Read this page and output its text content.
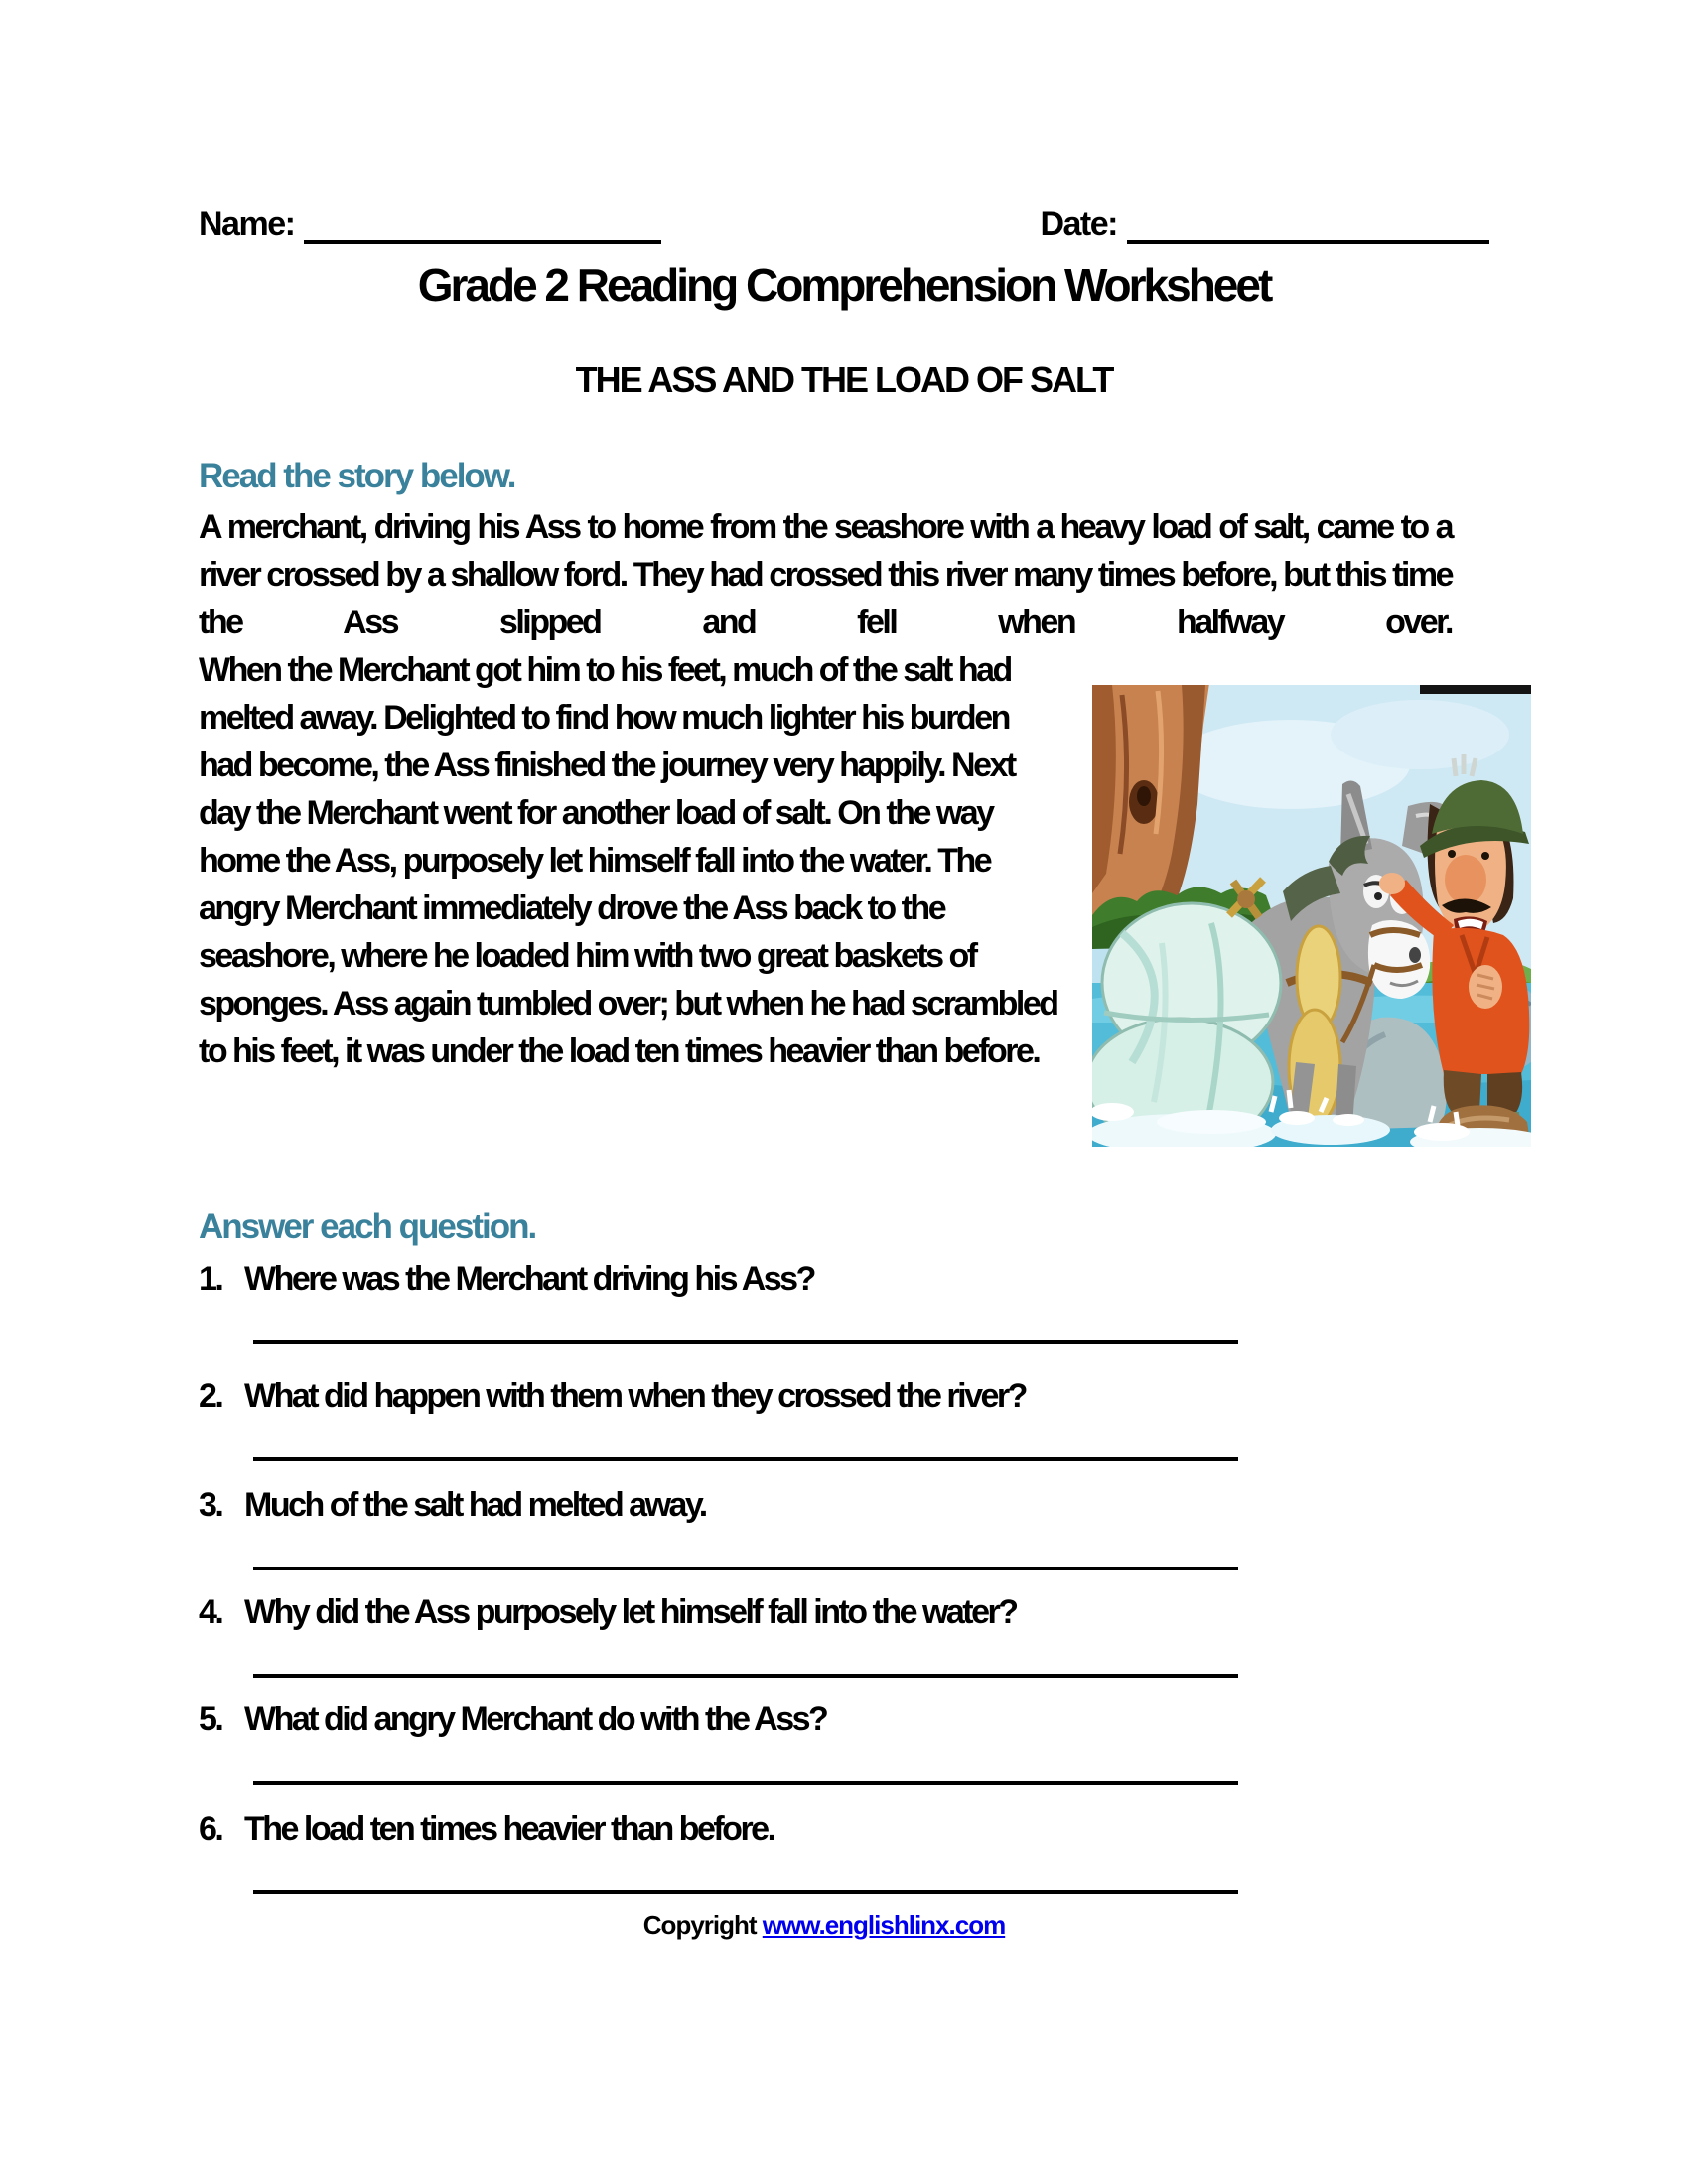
Name:	Date:
Grade 2 Reading Comprehension Worksheet
THE ASS AND THE LOAD OF SALT
Read the story below.
A merchant, driving his Ass to home from the seashore with a heavy load of salt, came to a river crossed by a shallow ford. They had crossed this river many times before, but this time the Ass slipped and fell when halfway over.
When the Merchant got him to his feet, much of the salt had melted away. Delighted to find how much lighter his burden had become, the Ass finished the journey very happily. Next day the Merchant went for another load of salt. On the way home the Ass, purposely let himself fall into the water. The angry Merchant immediately drove the Ass back to the seashore, where he loaded him with two great baskets of sponges. Ass again tumbled over; but when he had scrambled to his feet, it was under the load ten times heavier than before.
Answer each question.
1. Where was the Merchant driving his Ass?
2. What did happen with them when they crossed the river?
3. Much of the salt had melted away.
4. Why did the Ass purposely let himself fall into the water?
5. What did angry Merchant do with the Ass?
6. The load ten times heavier than before.
Copyright www.englishlinx.com
